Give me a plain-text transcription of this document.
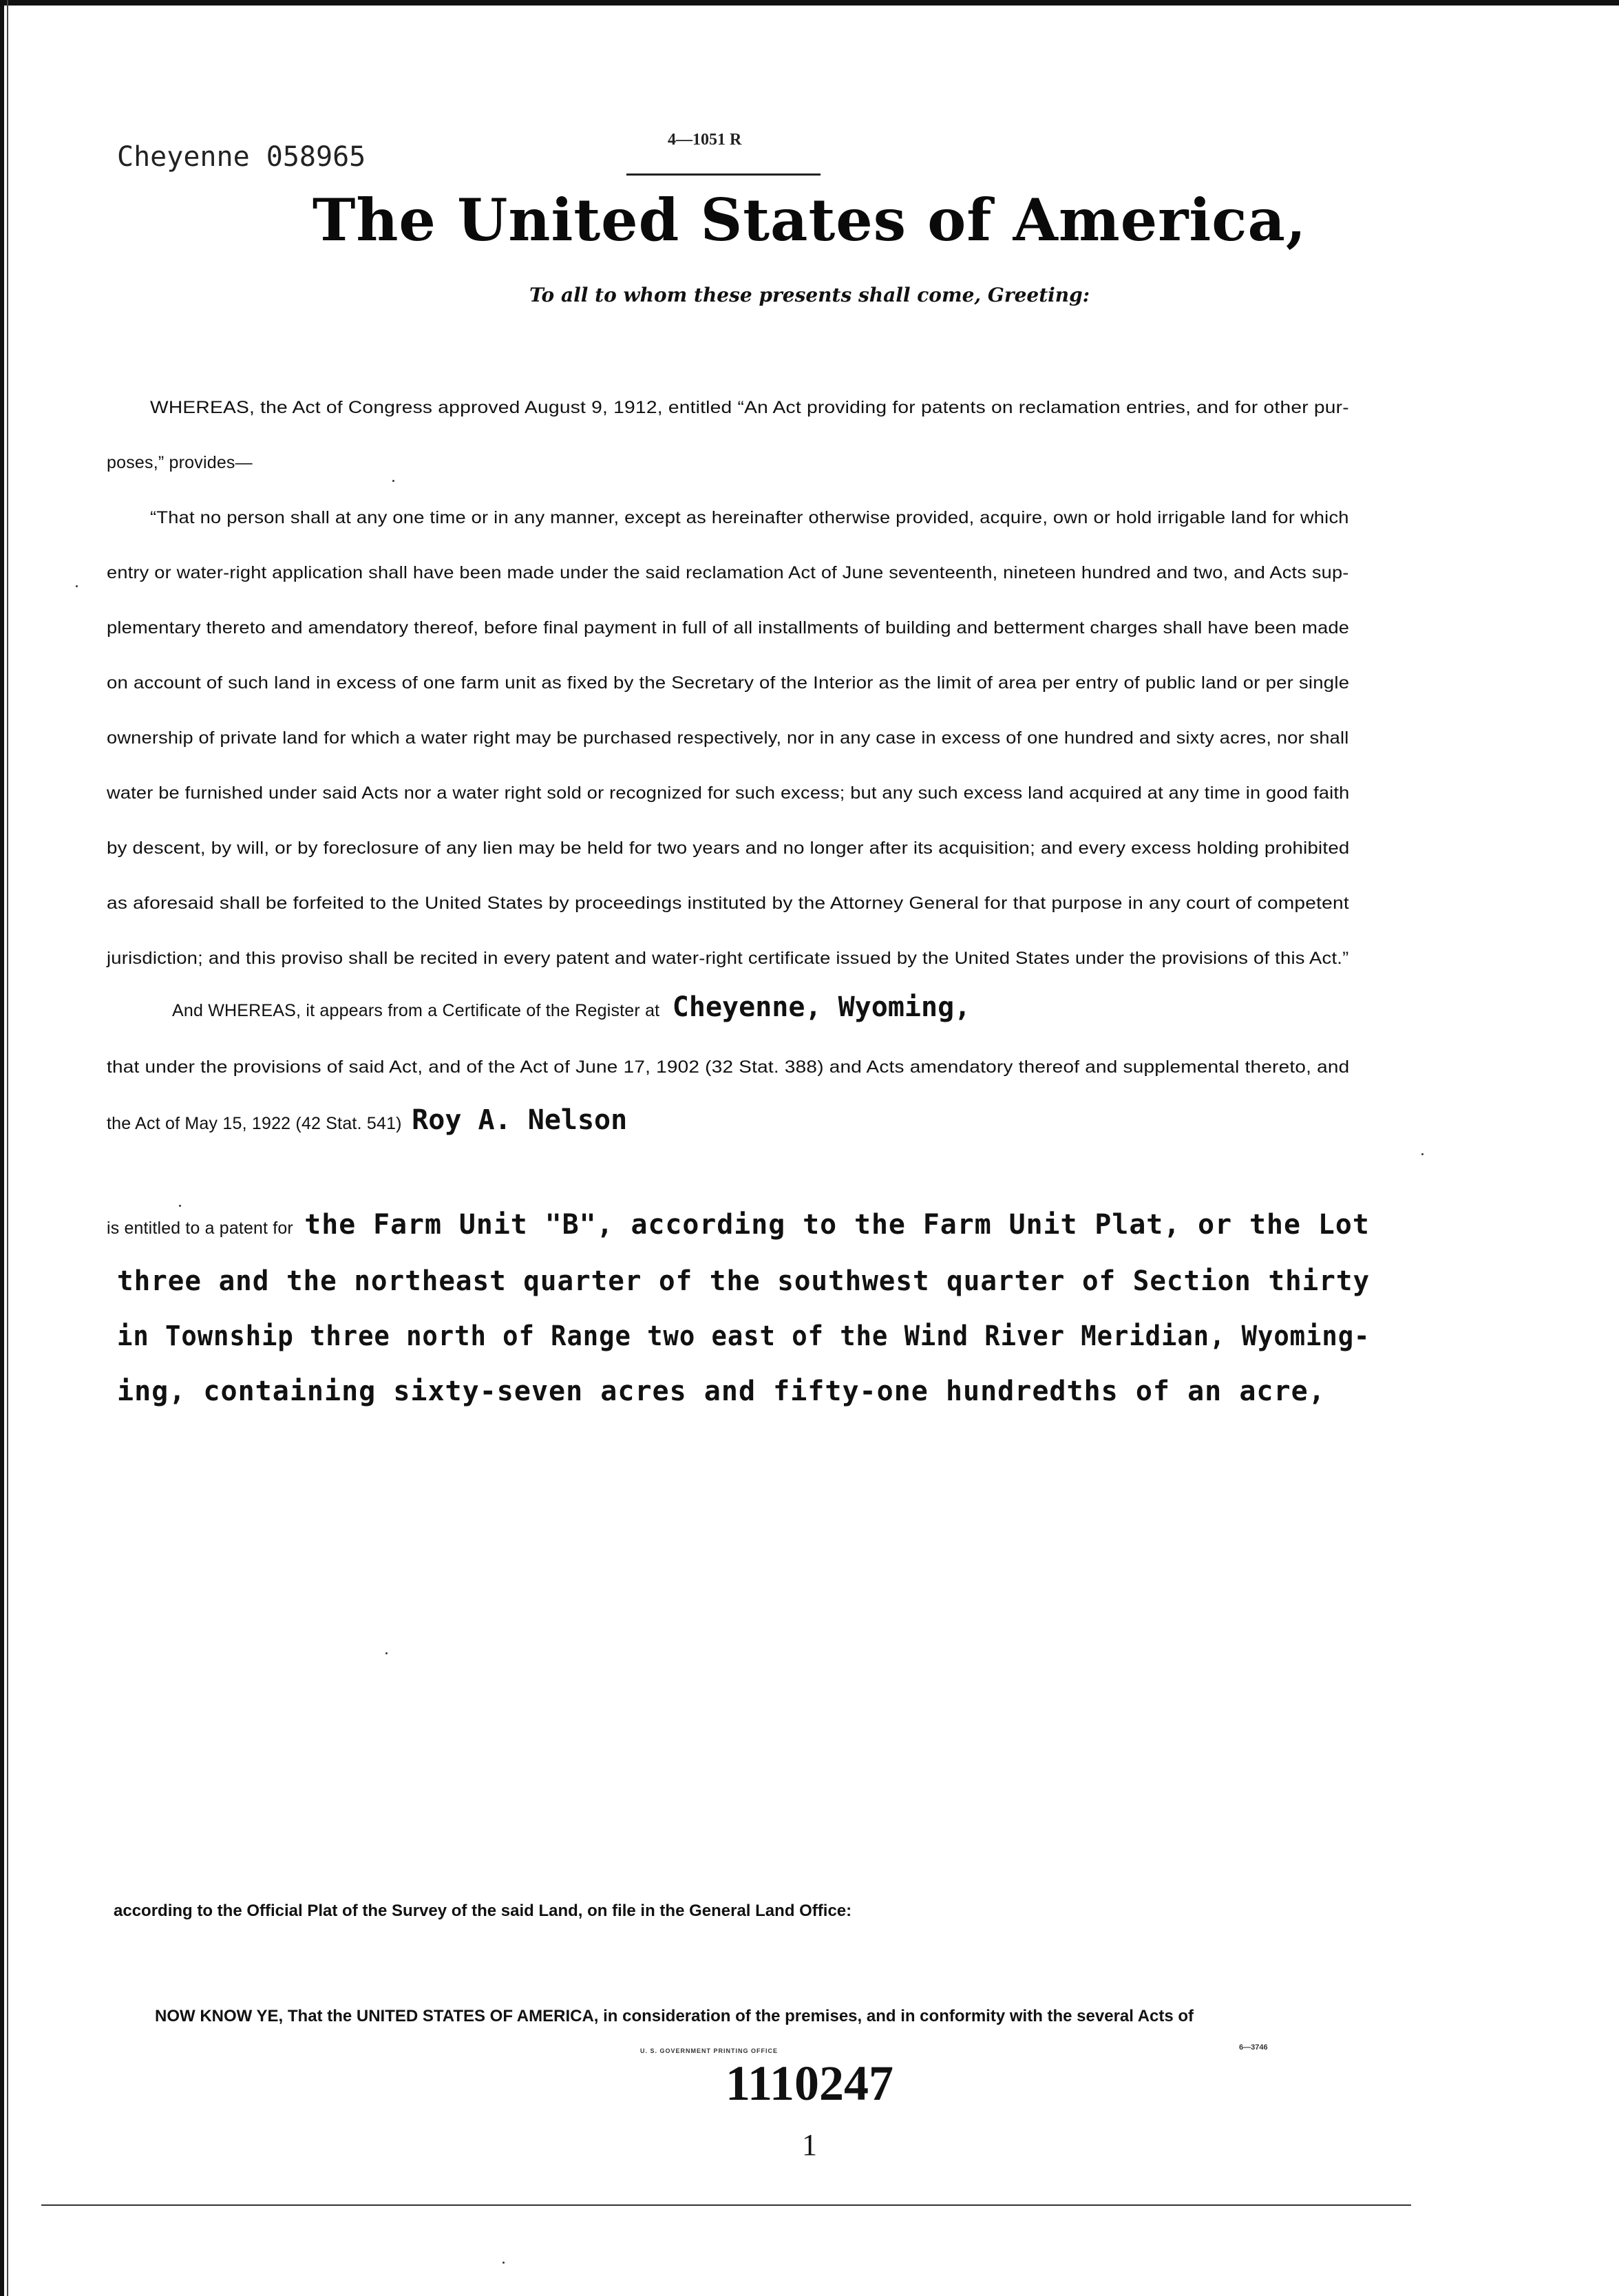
Cheyenne 058965
4—1051 R
The United States of America,
To all to whom these presents shall come, Greeting:
WHEREAS, the Act of Congress approved August 9, 1912, entitled “An Act providing for patents on reclamation entries, and for other pur-
poses,” provides—
“That no person shall at any one time or in any manner, except as hereinafter otherwise provided, acquire, own or hold irrigable land for which
entry or water-right application shall have been made under the said reclamation Act of June seventeenth, nineteen hundred and two, and Acts sup-
plementary thereto and amendatory thereof, before final payment in full of all installments of building and betterment charges shall have been made
on account of such land in excess of one farm unit as fixed by the Secretary of the Interior as the limit of area per entry of public land or per single
ownership of private land for which a water right may be purchased respectively, nor in any case in excess of one hundred and sixty acres, nor shall
water be furnished under said Acts nor a water right sold or recognized for such excess; but any such excess land acquired at any time in good faith
by descent, by will, or by foreclosure of any lien may be held for two years and no longer after its acquisition; and every excess holding prohibited
as aforesaid shall be forfeited to the United States by proceedings instituted by the Attorney General for that purpose in any court of competent
jurisdiction; and this proviso shall be recited in every patent and water-right certificate issued by the United States under the provisions of this Act.”
And WHEREAS, it appears from a Certificate of the Register at Cheyenne, Wyoming,
that under the provisions of said Act, and of the Act of June 17, 1902 (32 Stat. 388) and Acts amendatory thereof and supplemental thereto, and
the Act of May 15, 1922 (42 Stat. 541) Roy A. Nelson
is entitled to a patent for the Farm Unit "B", according to the Farm Unit Plat, or the Lot
three and the northeast quarter of the southwest quarter of Section thirty
in Township three north of Range two east of the Wind River Meridian, Wyoming-
ing, containing sixty-seven acres and fifty-one hundredths of an acre,
according to the Official Plat of the Survey of the said Land, on file in the General Land Office:
NOW KNOW YE, That the UNITED STATES OF AMERICA, in consideration of the premises, and in conformity with the several Acts of
U. S. GOVERNMENT PRINTING OFFICE	6—3746
1110247
1
